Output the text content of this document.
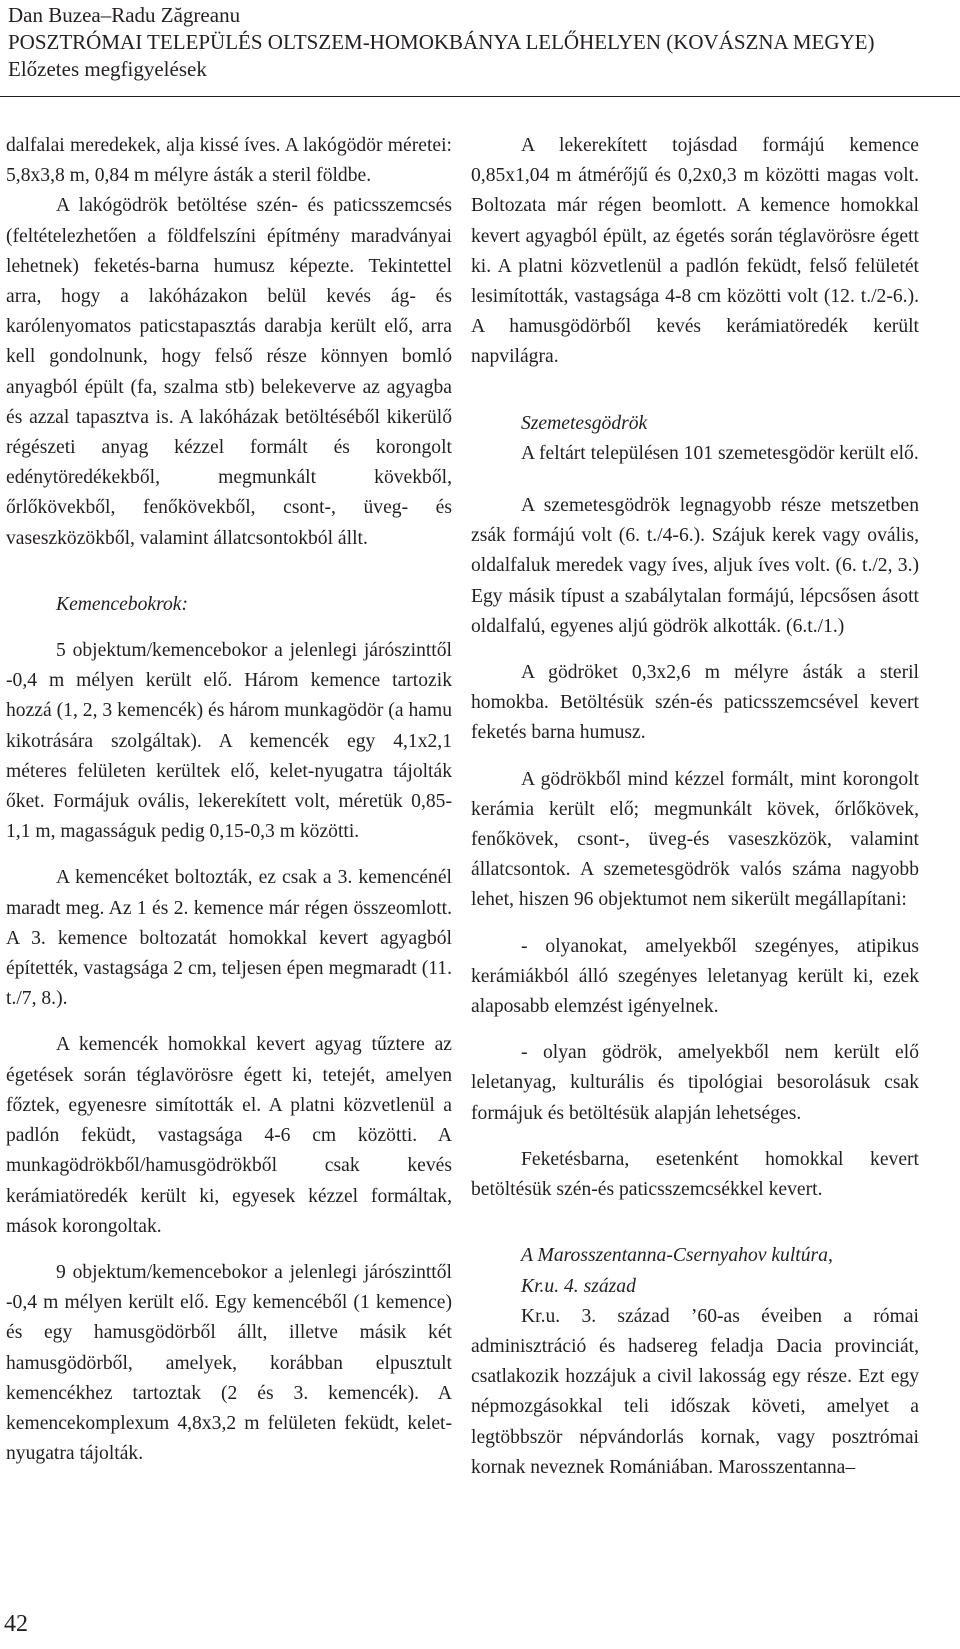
Dan Buzea–Radu Zăgreanu
POSZTRÓMAI TELEPÜLÉS OLTSZEM-HOMOKBÁNYA LELŐHELYEN (KOVÁSZNA MEGYE)
Előzetes megfigyelések

dalfalai meredekek, alja kissé íves. A lakógödör méretei: 5,8x3,8 m, 0,84 m mélyre ásták a steril földbe.

A lakógödrök betöltése szén- és paticsszemcsés (feltételezhetően a földfelszíni építmény maradványai lehetnek) feketés-barna humusz képezte. Tekintettel arra, hogy a lakóházakon belül kevés ág- és karólenyomatos paticstapasztás darabja került elő, arra kell gondolnunk, hogy felső része könnyen bomló anyagból épült (fa, szalma stb) belekeverve az agyagba és azzal tapasztva is. A lakóházak betöltéséből kikerülő régészeti anyag kézzel formált és korongolt edénytöredékekből, megmunkált kövekből, őrlőkövekből, fenőkövekből, csont-, üveg- és vaseszközökből, valamint állatcsontokból állt.

Kemencebokrok:

5 objektum/kemencebokor a jelenlegi járószinttől -0,4 m mélyen került elő. Három kemence tartozik hozzá (1, 2, 3 kemencék) és három munkagödör (a hamu kikotrására szolgáltak). A kemencék egy 4,1x2,1 méteres felületen kerültek elő, kelet-nyugatra tájolták őket. Formájuk ovális, lekerekített volt, méretük 0,85-1,1 m, magasságuk pedig 0,15-0,3 m közötti.

A kemencéket boltozták, ez csak a 3. kemencénél maradt meg. Az 1 és 2. kemence már régen összeomlott. A 3. kemence boltozatát homokkal kevert agyagból építették, vastagsága 2 cm, teljesen épen megmaradt (11. t./7, 8.).

A kemencék homokkal kevert agyag tűztere az égetések során téglavörösre égett ki, tetejét, amelyen főztek, egyenesre simították el. A platni közvetlenül a padlón feküdt, vastagsága 4-6 cm közötti. A munkagödrökből/hamusgödrökből csak kevés kerámiatöredék került ki, egyesek kézzel formáltak, mások korongoltak.

9 objektum/kemencebokor a jelenlegi járószinttől -0,4 m mélyen került elő. Egy kemencéből (1 kemence) és egy hamusgödörből állt, illetve másik két hamusgödörből, amelyek, korábban elpusztult kemencékhez tartoztak (2 és 3. kemencék). A kemencekomplexum 4,8x3,2 m felületen feküdt, kelet-nyugatra tájolták.

A lekerekített tojásdad formájú kemence 0,85x1,04 m átmérőjű és 0,2x0,3 m közötti magas volt. Boltozata már régen beomlott. A kemence homokkal kevert agyagból épült, az égetés során téglavörösre égett ki. A platni közvetlenül a padlón feküdt, felső felületét lesimították, vastagsága 4-8 cm közötti volt (12. t./2-6.). A hamusgödörből kevés kerámiatöredék került napvilágra.

Szemetesgödrök

A feltárt településen 101 szemetesgödör került elő.

A szemetesgödrök legnagyobb része metszetben zsák formájú volt (6. t./4-6.). Szájuk kerek vagy ovális, oldalfaluk meredek vagy íves, aljuk íves volt. (6. t./2, 3.) Egy másik típust a szabálytalan formájú, lépcsősen ásott oldalfalú, egyenes aljú gödrök alkották. (6.t./1.)

A gödröket 0,3x2,6 m mélyre ásták a steril homokba. Betöltésük szén-és paticsszemcsével kevert feketés barna humusz.

A gödrökből mind kézzel formált, mint korongolt kerámia került elő; megmunkált kövek, őrlőkövek, fenőkövek, csont-, üveg-és vaseszközök, valamint állatcsontok. A szemetesgödrök valós száma nagyobb lehet, hiszen 96 objektumot nem sikerült megállapítani:

- olyanokat, amelyekből szegényes, atipikus kerámiákból álló szegényes leletanyag került ki, ezek alaposabb elemzést igényelnek.

- olyan gödrök, amelyekből nem került elő leletanyag, kulturális és tipológiai besorolásuk csak formájuk és betöltésük alapján lehetséges.

Feketésbarna, esetenként homokkal kevert betöltésük szén-és paticsszemcsékkel kevert.

A Marosszentanna-Csernyahov kultúra,

Kr.u. 4. század

Kr.u. 3. század ’60-as éveiben a római adminisztráció és hadsereg feladja Dacia provinciát, csatlakozik hozzájuk a civil lakosság egy része. Ezt egy népmozgásokkal teli időszak követi, amelyet a legtöbbször népvándorlás kornak, vagy posztrómai kornak neveznek Romániában. Marosszentanna–

42
